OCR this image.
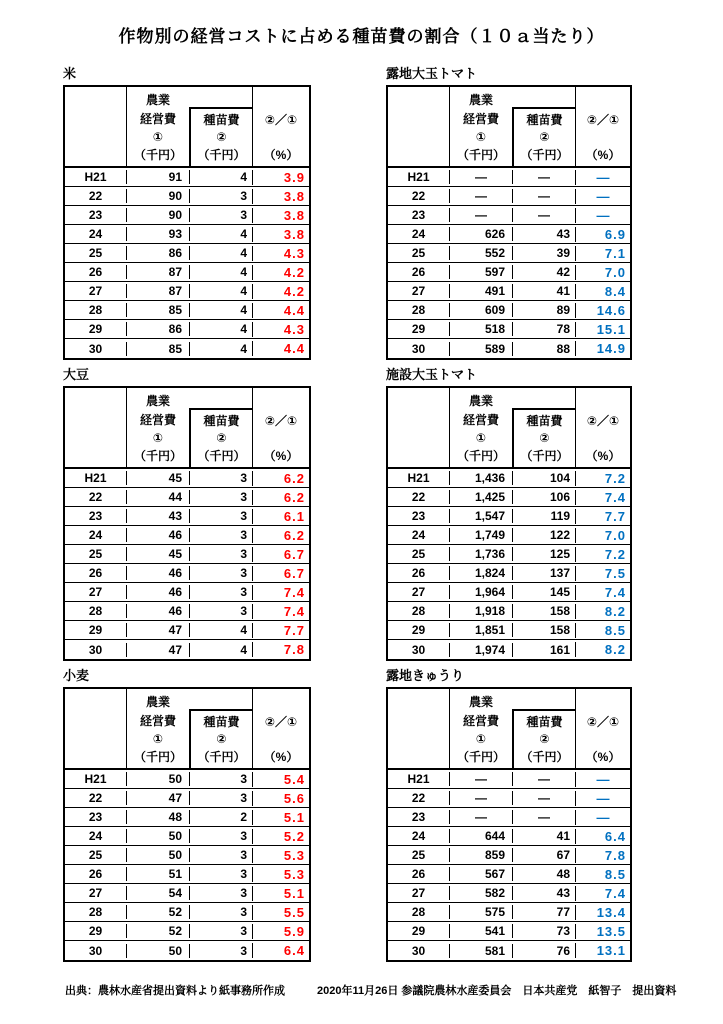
作物別の経営コストに占める種苗費の割合（１０ａ当たり）
米
農業
経営費
①
（千円）
種苗費
②
（千円）
②／①
（%）
H21	91	4	3.9
22	90	3	3.8
23	90	3	3.8
24	93	4	3.8
25	86	4	4.3
26	87	4	4.2
27	87	4	4.2
28	85	4	4.4
29	86	4	4.3
30	85	4	4.4
露地大玉トマト
農業
経営費
①
（千円）
種苗費
②
（千円）
②／①
（%）
H21	―	―	―
22	―	―	―
23	―	―	―
24	626	43	6.9
25	552	39	7.1
26	597	42	7.0
27	491	41	8.4
28	609	89	14.6
29	518	78	15.1
30	589	88	14.9
大豆
農業
経営費
①
（千円）
種苗費
②
（千円）
②／①
（%）
H21	45	3	6.2
22	44	3	6.2
23	43	3	6.1
24	46	3	6.2
25	45	3	6.7
26	46	3	6.7
27	46	3	7.4
28	46	3	7.4
29	47	4	7.7
30	47	4	7.8
施設大玉トマト
農業
経営費
①
（千円）
種苗費
②
（千円）
②／①
（%）
H21	1,436	104	7.2
22	1,425	106	7.4
23	1,547	119	7.7
24	1,749	122	7.0
25	1,736	125	7.2
26	1,824	137	7.5
27	1,964	145	7.4
28	1,918	158	8.2
29	1,851	158	8.5
30	1,974	161	8.2
小麦
農業
経営費
①
（千円）
種苗費
②
（千円）
②／①
（%）
H21	50	3	5.4
22	47	3	5.6
23	48	2	5.1
24	50	3	5.2
25	50	3	5.3
26	51	3	5.3
27	54	3	5.1
28	52	3	5.5
29	52	3	5.9
30	50	3	6.4
露地きゅうり
農業
経営費
①
（千円）
種苗費
②
（千円）
②／①
（%）
H21	―	―	―
22	―	―	―
23	―	―	―
24	644	41	6.4
25	859	67	7.8
26	567	48	8.5
27	582	43	7.4
28	575	77	13.4
29	541	73	13.5
30	581	76	13.1
出典：農林水産省提出資料より紙事務所作成	2020年11月26日 参議院農林水産委員会　日本共産党　紙智子　提出資料
